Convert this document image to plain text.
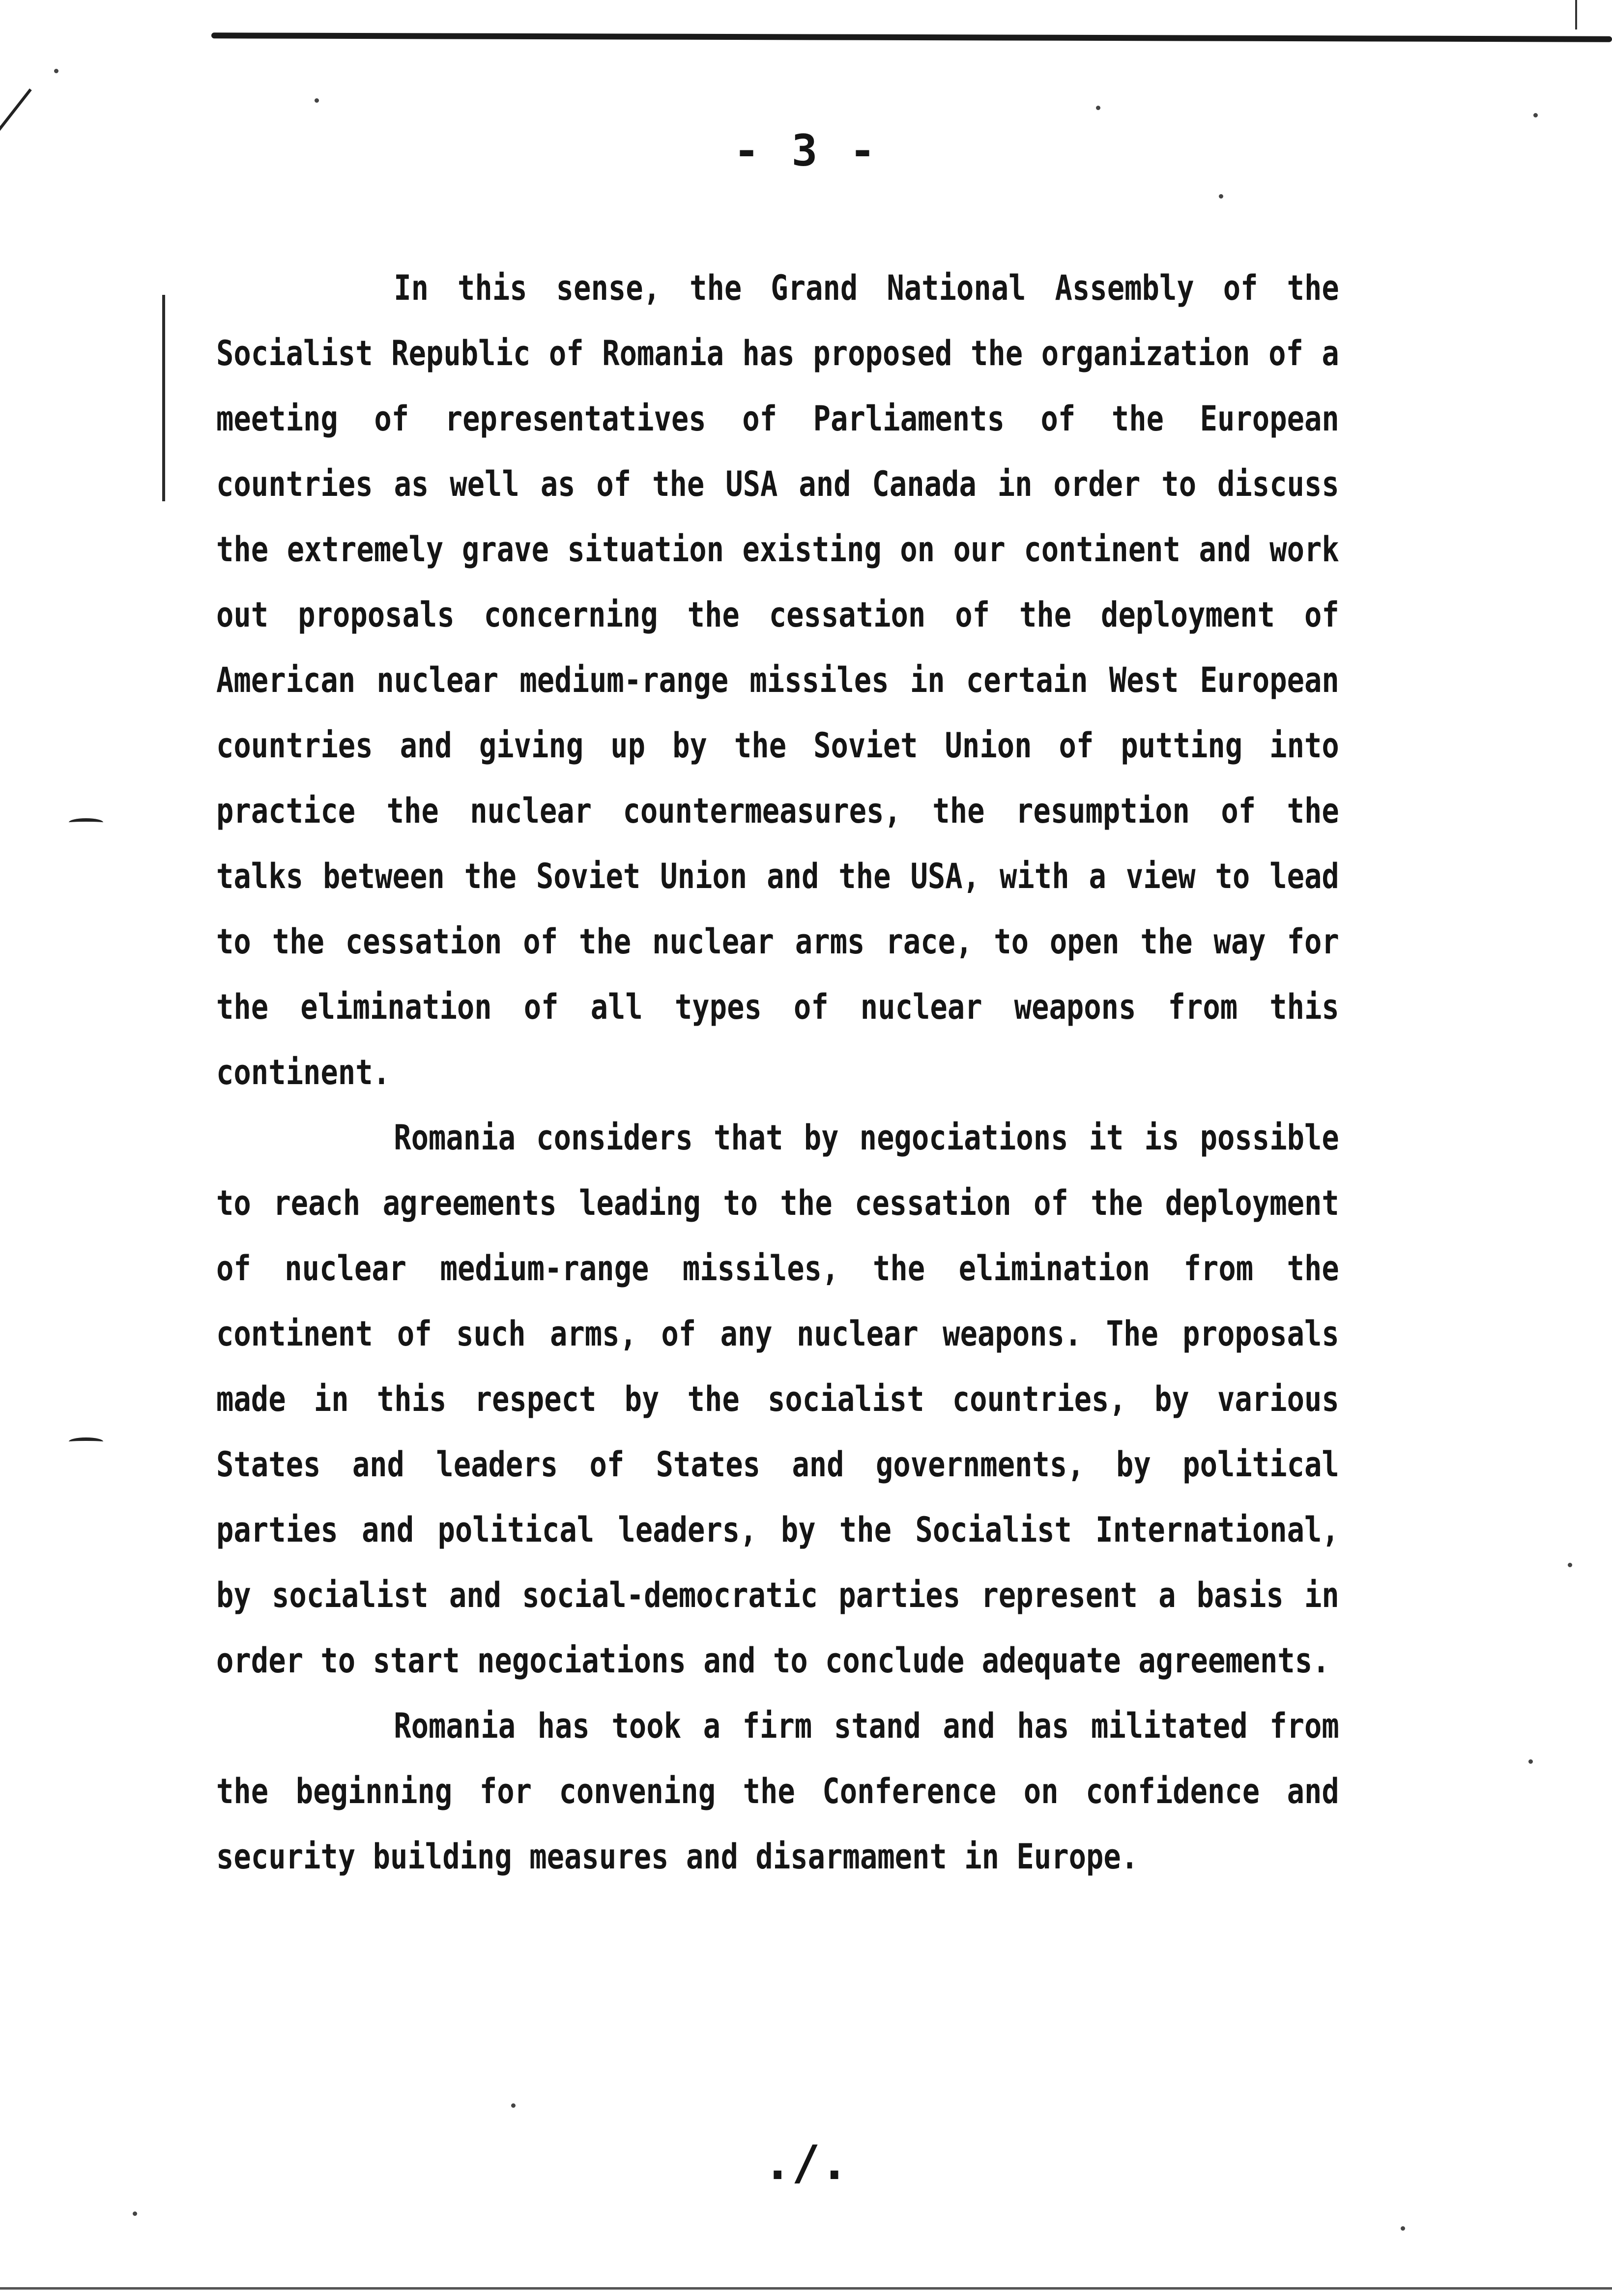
- 3 -

In this sense, the Grand National Assembly of the Socialist Republic of Romania has proposed the organization of a meeting of representatives of Parliaments of the European countries as well as of the USA and Canada in order to discuss the extremely grave situation existing on our continent and work out proposals concerning the cessation of the deployment of American nuclear medium-range missiles in certain West European countries and giving up by the Soviet Union of putting into practice the nuclear countermeasures, the resumption of the talks between the Soviet Union and the USA, with a view to lead to the cessation of the nuclear arms race, to open the way for the elimination of all types of nuclear weapons from this continent.

Romania considers that by negociations it is possible to reach agreements leading to the cessation of the deployment of nuclear medium-range missiles, the elimination from the continent of such arms, of any nuclear weapons. The proposals made in this respect by the socialist countries, by various States and leaders of States and governments, by political parties and political leaders, by the Socialist International, by socialist and social-democratic parties represent a basis in order to start negociations and to conclude adequate agreements.

Romania has took a firm stand and has militated from the beginning for convening the Conference on confidence and security building measures and disarmament in Europe.

./.
